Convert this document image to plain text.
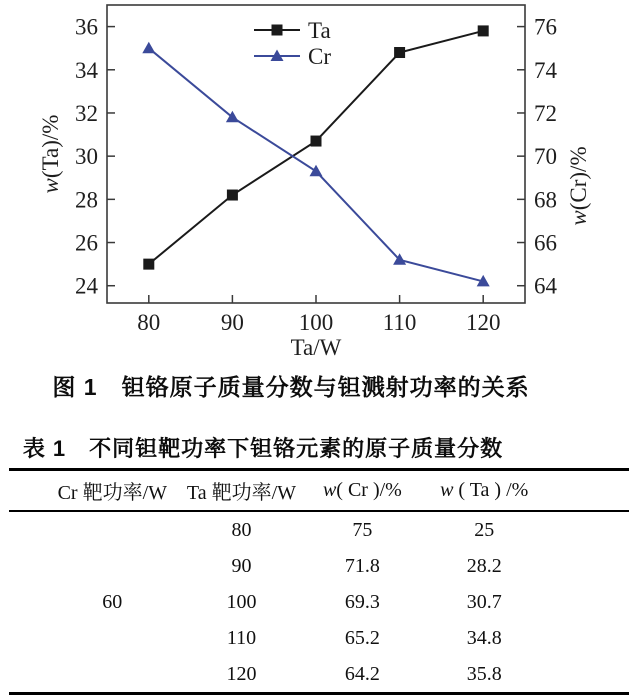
80	90 100 110 120
24
26
28
30
32
34
36
64
66
68
70
72
74
76
Ta/W
w(Ta)/%
w(Cr)/%
Ta
Cr
图 1　钽铬原子质量分数与钽溅射功率的关系
表 1　不同钽靶功率下钽铬元素的原子质量分数
Cr 靶功率/W	Ta 靶功率/W	w( Cr )/%	w ( Ta ) /%
60	80	75	25
	90	71.8	28.2
	100	69.3	30.7
	110	65.2	34.8
	120	64.2	35.8
